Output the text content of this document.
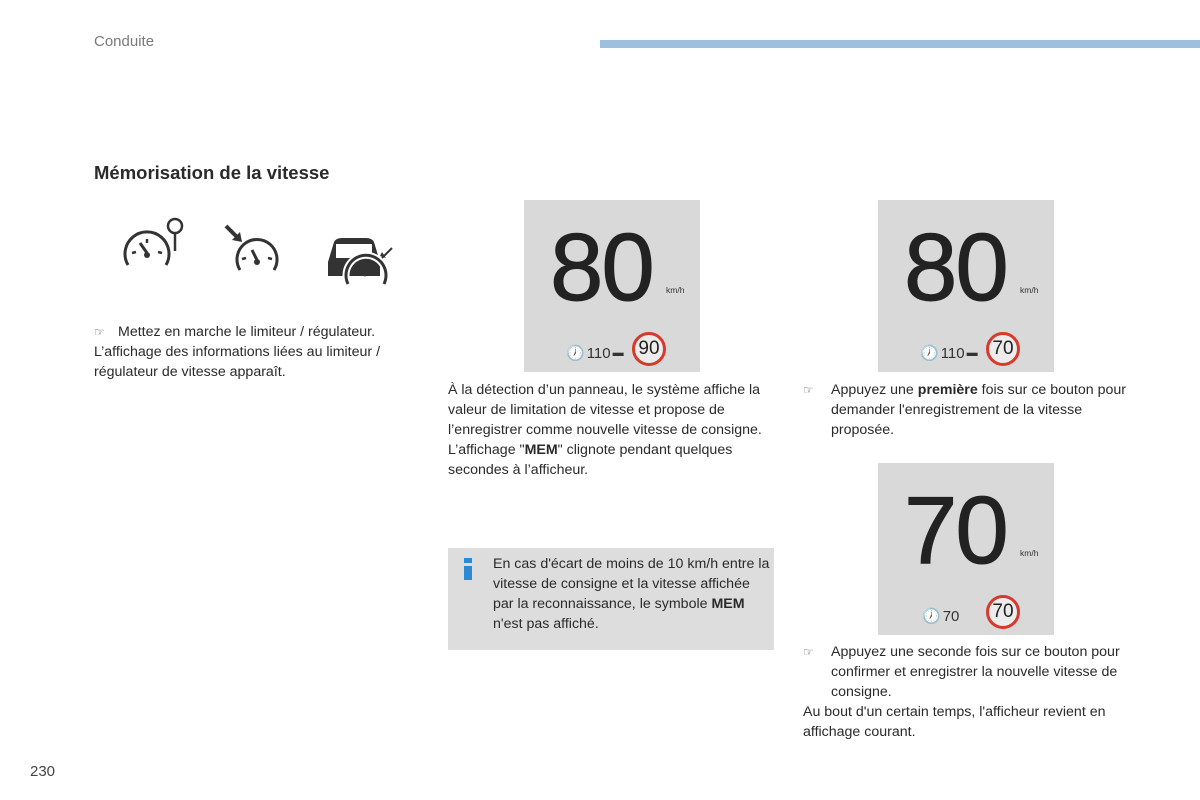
Conduite
Mémorisation de la vitesse
☞ Mettez en marche le limiteur / régulateur.
L’affichage des informations liées au limiteur / régulateur de vitesse apparaît.
80 km/h
🕖 110 ▬ 90
80 km/h
🕖 110 ▬ 70
70 km/h
🕖 70	70
À la détection d’un panneau, le système affiche la valeur de limitation de vitesse et propose de l’enregistrer comme nouvelle vitesse de consigne.
L’affichage "MEM" clignote pendant quelques secondes à l’afficheur.
En cas d'écart de moins de 10 km/h entre la vitesse de consigne et la vitesse affichée par la reconnaissance, le symbole MEM n'est pas affiché.
☞	Appuyez une première fois sur ce bouton pour demander l'enregistrement de la vitesse proposée.
☞	Appuyez une seconde fois sur ce bouton pour confirmer et enregistrer la nouvelle vitesse de consigne.
Au bout d'un certain temps, l'afficheur revient en affichage courant.
230
